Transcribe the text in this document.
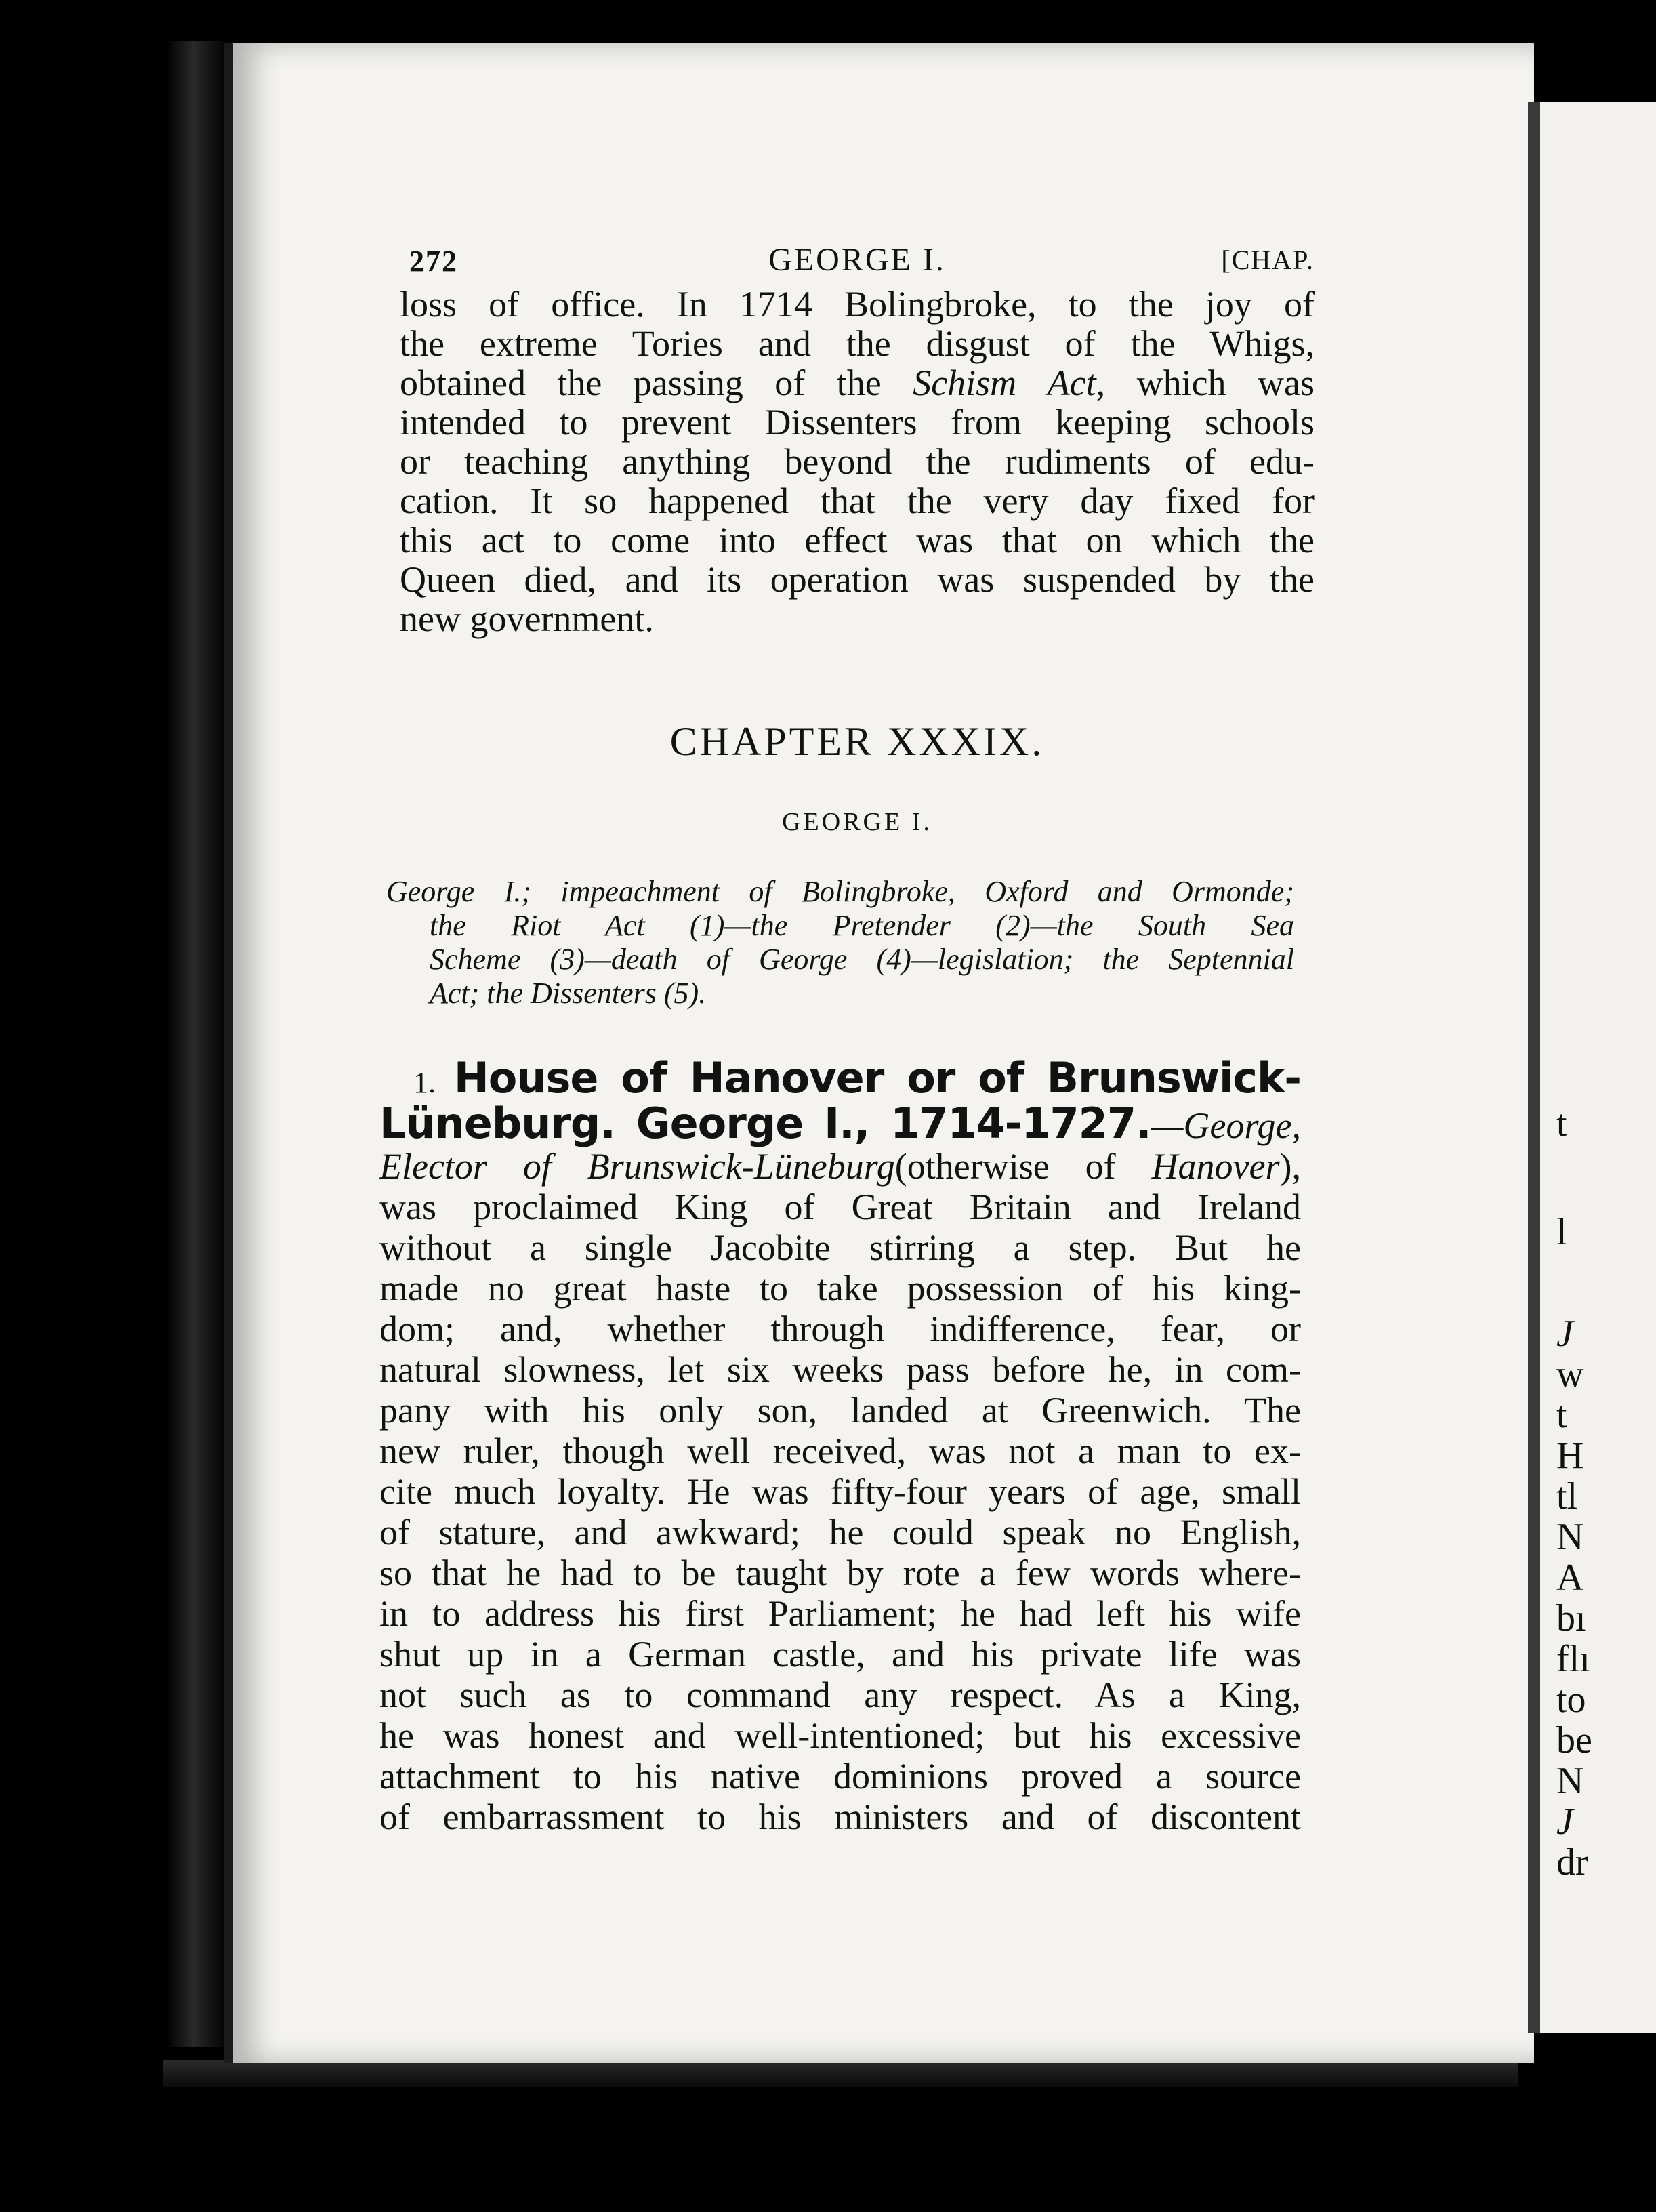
t
l
J
w
t
H
tl
N
A
bı
flı
to
be
N
J
dr
272	GEORGE I.	[CHAP.
loss of office. In 1714 Bolingbroke, to the joy of
the extreme Tories and the disgust of the Whigs,
obtained the passing of the Schism Act, which was
intended to prevent Dissenters from keeping schools
or teaching anything beyond the rudiments of edu-
cation. It so happened that the very day fixed for
this act to come into effect was that on which the
Queen died, and its operation was suspended by the
new government.
CHAPTER XXXIX.
GEORGE I.
George I.; impeachment of Bolingbroke, Oxford and Ormonde;
the Riot Act (1)—the Pretender (2)—the South Sea
Scheme (3)—death of George (4)—legislation; the Septennial
Act; the Dissenters (5).
1. House of Hanover or of Brunswick-
Lüneburg. George I., 1714-1727.—George,
Elector of Brunswick-Lüneburg(otherwise of Hanover),
was proclaimed King of Great Britain and Ireland
without a single Jacobite stirring a step. But he
made no great haste to take possession of his king-
dom; and, whether through indifference, fear, or
natural slowness, let six weeks pass before he, in com-
pany with his only son, landed at Greenwich. The
new ruler, though well received, was not a man to ex-
cite much loyalty. He was fifty-four years of age, small
of stature, and awkward; he could speak no English,
so that he had to be taught by rote a few words where-
in to address his first Parliament; he had left his wife
shut up in a German castle, and his private life was
not such as to command any respect. As a King,
he was honest and well-intentioned; but his excessive
attachment to his native dominions proved a source
of embarrassment to his ministers and of discontent
